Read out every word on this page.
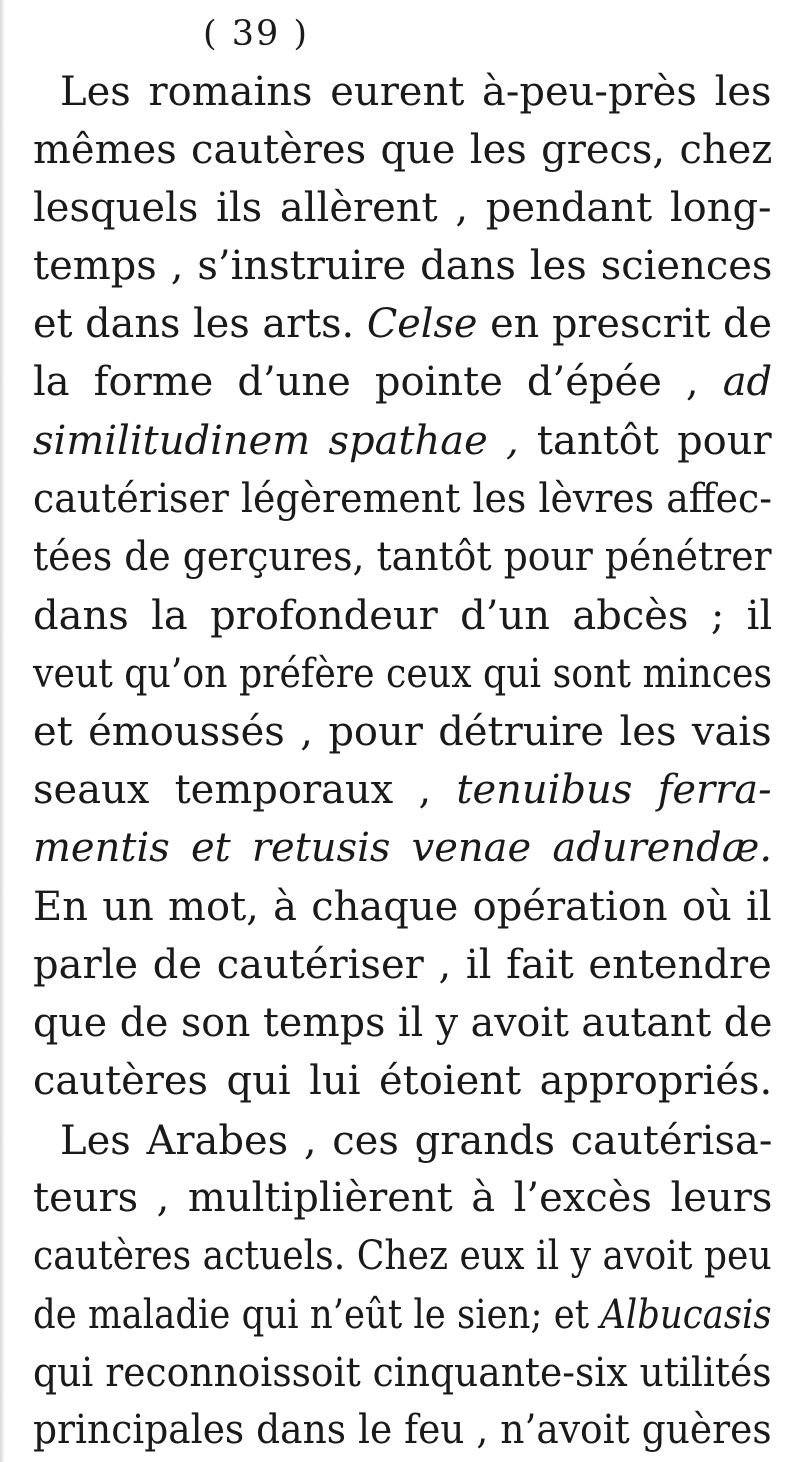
( 39 )
Les romains eurent à-peu-près les
mêmes cautères que les grecs, chez
lesquels ils allèrent , pendant long-
temps , s’instruire dans les sciences
et dans les arts. Celse en prescrit de
la forme d’une pointe d’épée , ad
similitudinem spathae , tantôt pour
cautériser légèrement les lèvres affec-
tées de gerçures, tantôt pour pénétrer
dans la profondeur d’un abcès ; il
veut qu’on préfère ceux qui sont minces
et émoussés , pour détruire les vais
seaux temporaux , tenuibus ferra-
mentis et retusis venae adurendæ.
En un mot, à chaque opération où il
parle de cautériser , il fait entendre
que de son temps il y avoit autant de
cautères qui lui étoient appropriés.
Les Arabes , ces grands cautérisa-
teurs , multiplièrent à l’excès leurs
cautères actuels. Chez eux il y avoit peu
de maladie qui n’eût le sien; et Albucasis
qui reconnoissoit cinquante-six utilités
principales dans le feu , n’avoit guères
